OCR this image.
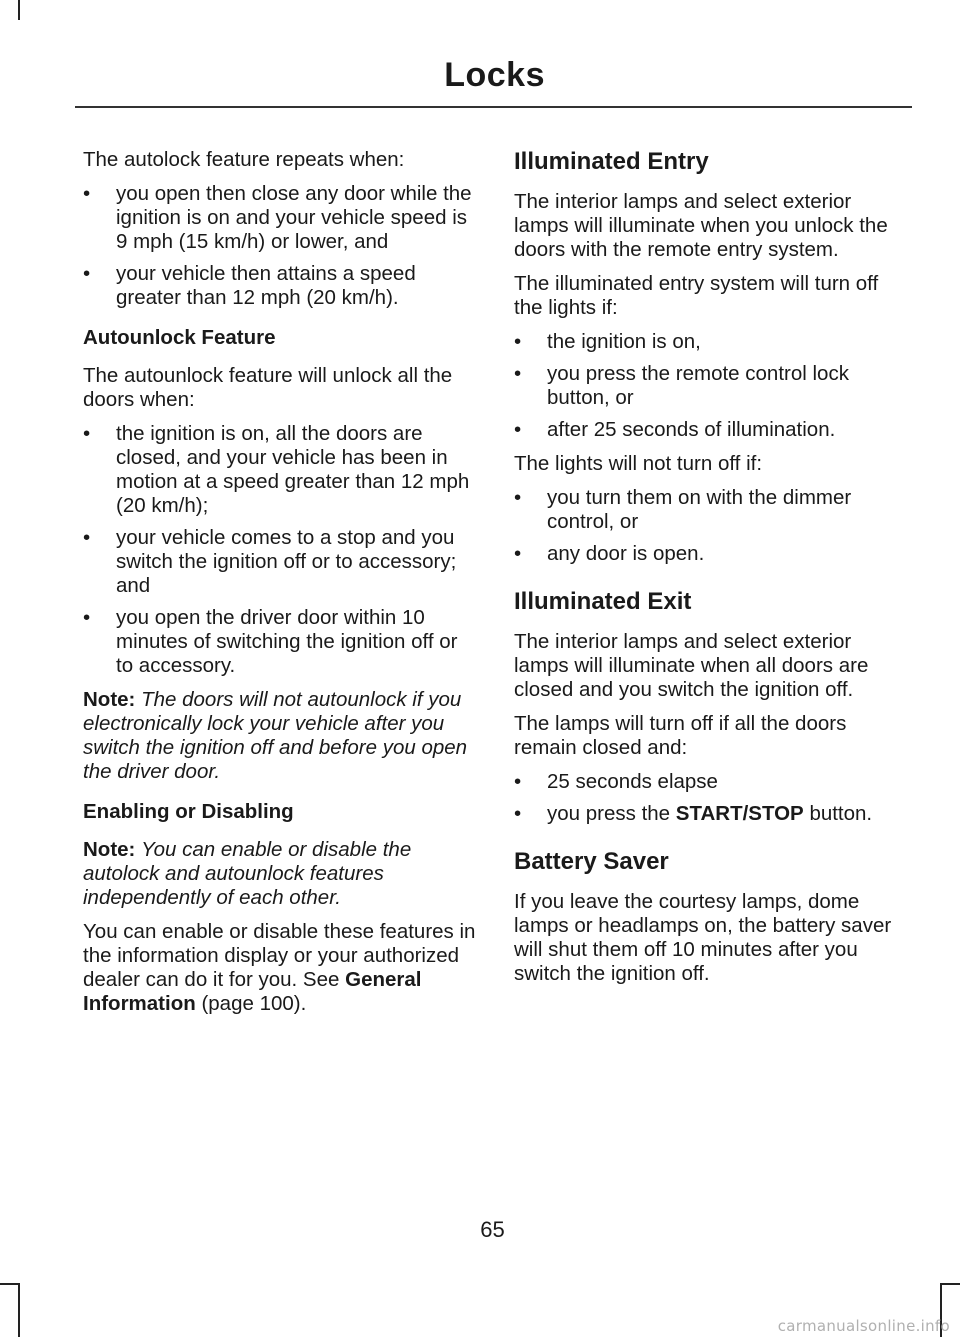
Locks

The autolock feature repeats when:

• you open then close any door while the ignition is on and your vehicle speed is 9 mph (15 km/h) or lower, and
• your vehicle then attains a speed greater than 12 mph (20 km/h).
Autounlock Feature

The autounlock feature will unlock all the doors when:

• the ignition is on, all the doors are closed, and your vehicle has been in motion at a speed greater than 12 mph (20 km/h);
• your vehicle comes to a stop and you switch the ignition off or to accessory; and
• you open the driver door within 10 minutes of switching the ignition off or to accessory.

Note: The doors will not autounlock if you electronically lock your vehicle after you switch the ignition off and before you open the driver door.

Enabling or Disabling

Note: You can enable or disable the autolock and autounlock features independently of each other.

You can enable or disable these features in the information display or your authorized dealer can do it for you. See General Information (page 100).

Illuminated Entry

The interior lamps and select exterior lamps will illuminate when you unlock the doors with the remote entry system.

The illuminated entry system will turn off the lights if:

• the ignition is on,
• you press the remote control lock button, or
• after 25 seconds of illumination.

The lights will not turn off if:

• you turn them on with the dimmer control, or
• any door is open.
Illuminated Exit

The interior lamps and select exterior lamps will illuminate when all doors are closed and you switch the ignition off.

The lamps will turn off if all the doors remain closed and:

• 25 seconds elapse
• you press the START/STOP button.
Battery Saver

If you leave the courtesy lamps, dome lamps or headlamps on, the battery saver will shut them off 10 minutes after you switch the ignition off.

65
carmanualsonline.info
